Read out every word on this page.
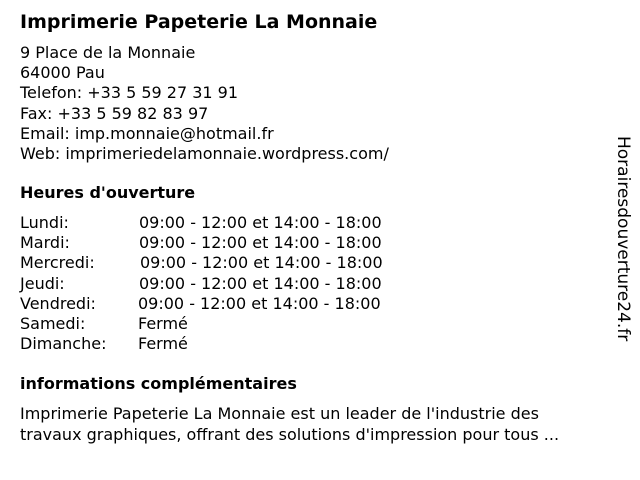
Imprimerie Papeterie La Monnaie
9 Place de la Monnaie
64000 Pau
Telefon: +33 5 59 27 31 91
Fax: +33 5 59 82 83 97
Email: imp.monnaie@hotmail.fr
Web: imprimeriedelamonnaie.wordpress.com/
Heures d'ouverture
Lundi:	09:00 - 12:00 et 14:00 - 18:00
Mardi:	09:00 - 12:00 et 14:00 - 18:00
Mercredi:	09:00 - 12:00 et 14:00 - 18:00
Jeudi:	09:00 - 12:00 et 14:00 - 18:00
Vendredi:	09:00 - 12:00 et 14:00 - 18:00
Samedi:	Fermé
Dimanche: Fermé
informations complémentaires
Imprimerie Papeterie La Monnaie est un leader de l'industrie des
travaux graphiques, offrant des solutions d'impression pour tous ...
Horairesdouverture24.fr
